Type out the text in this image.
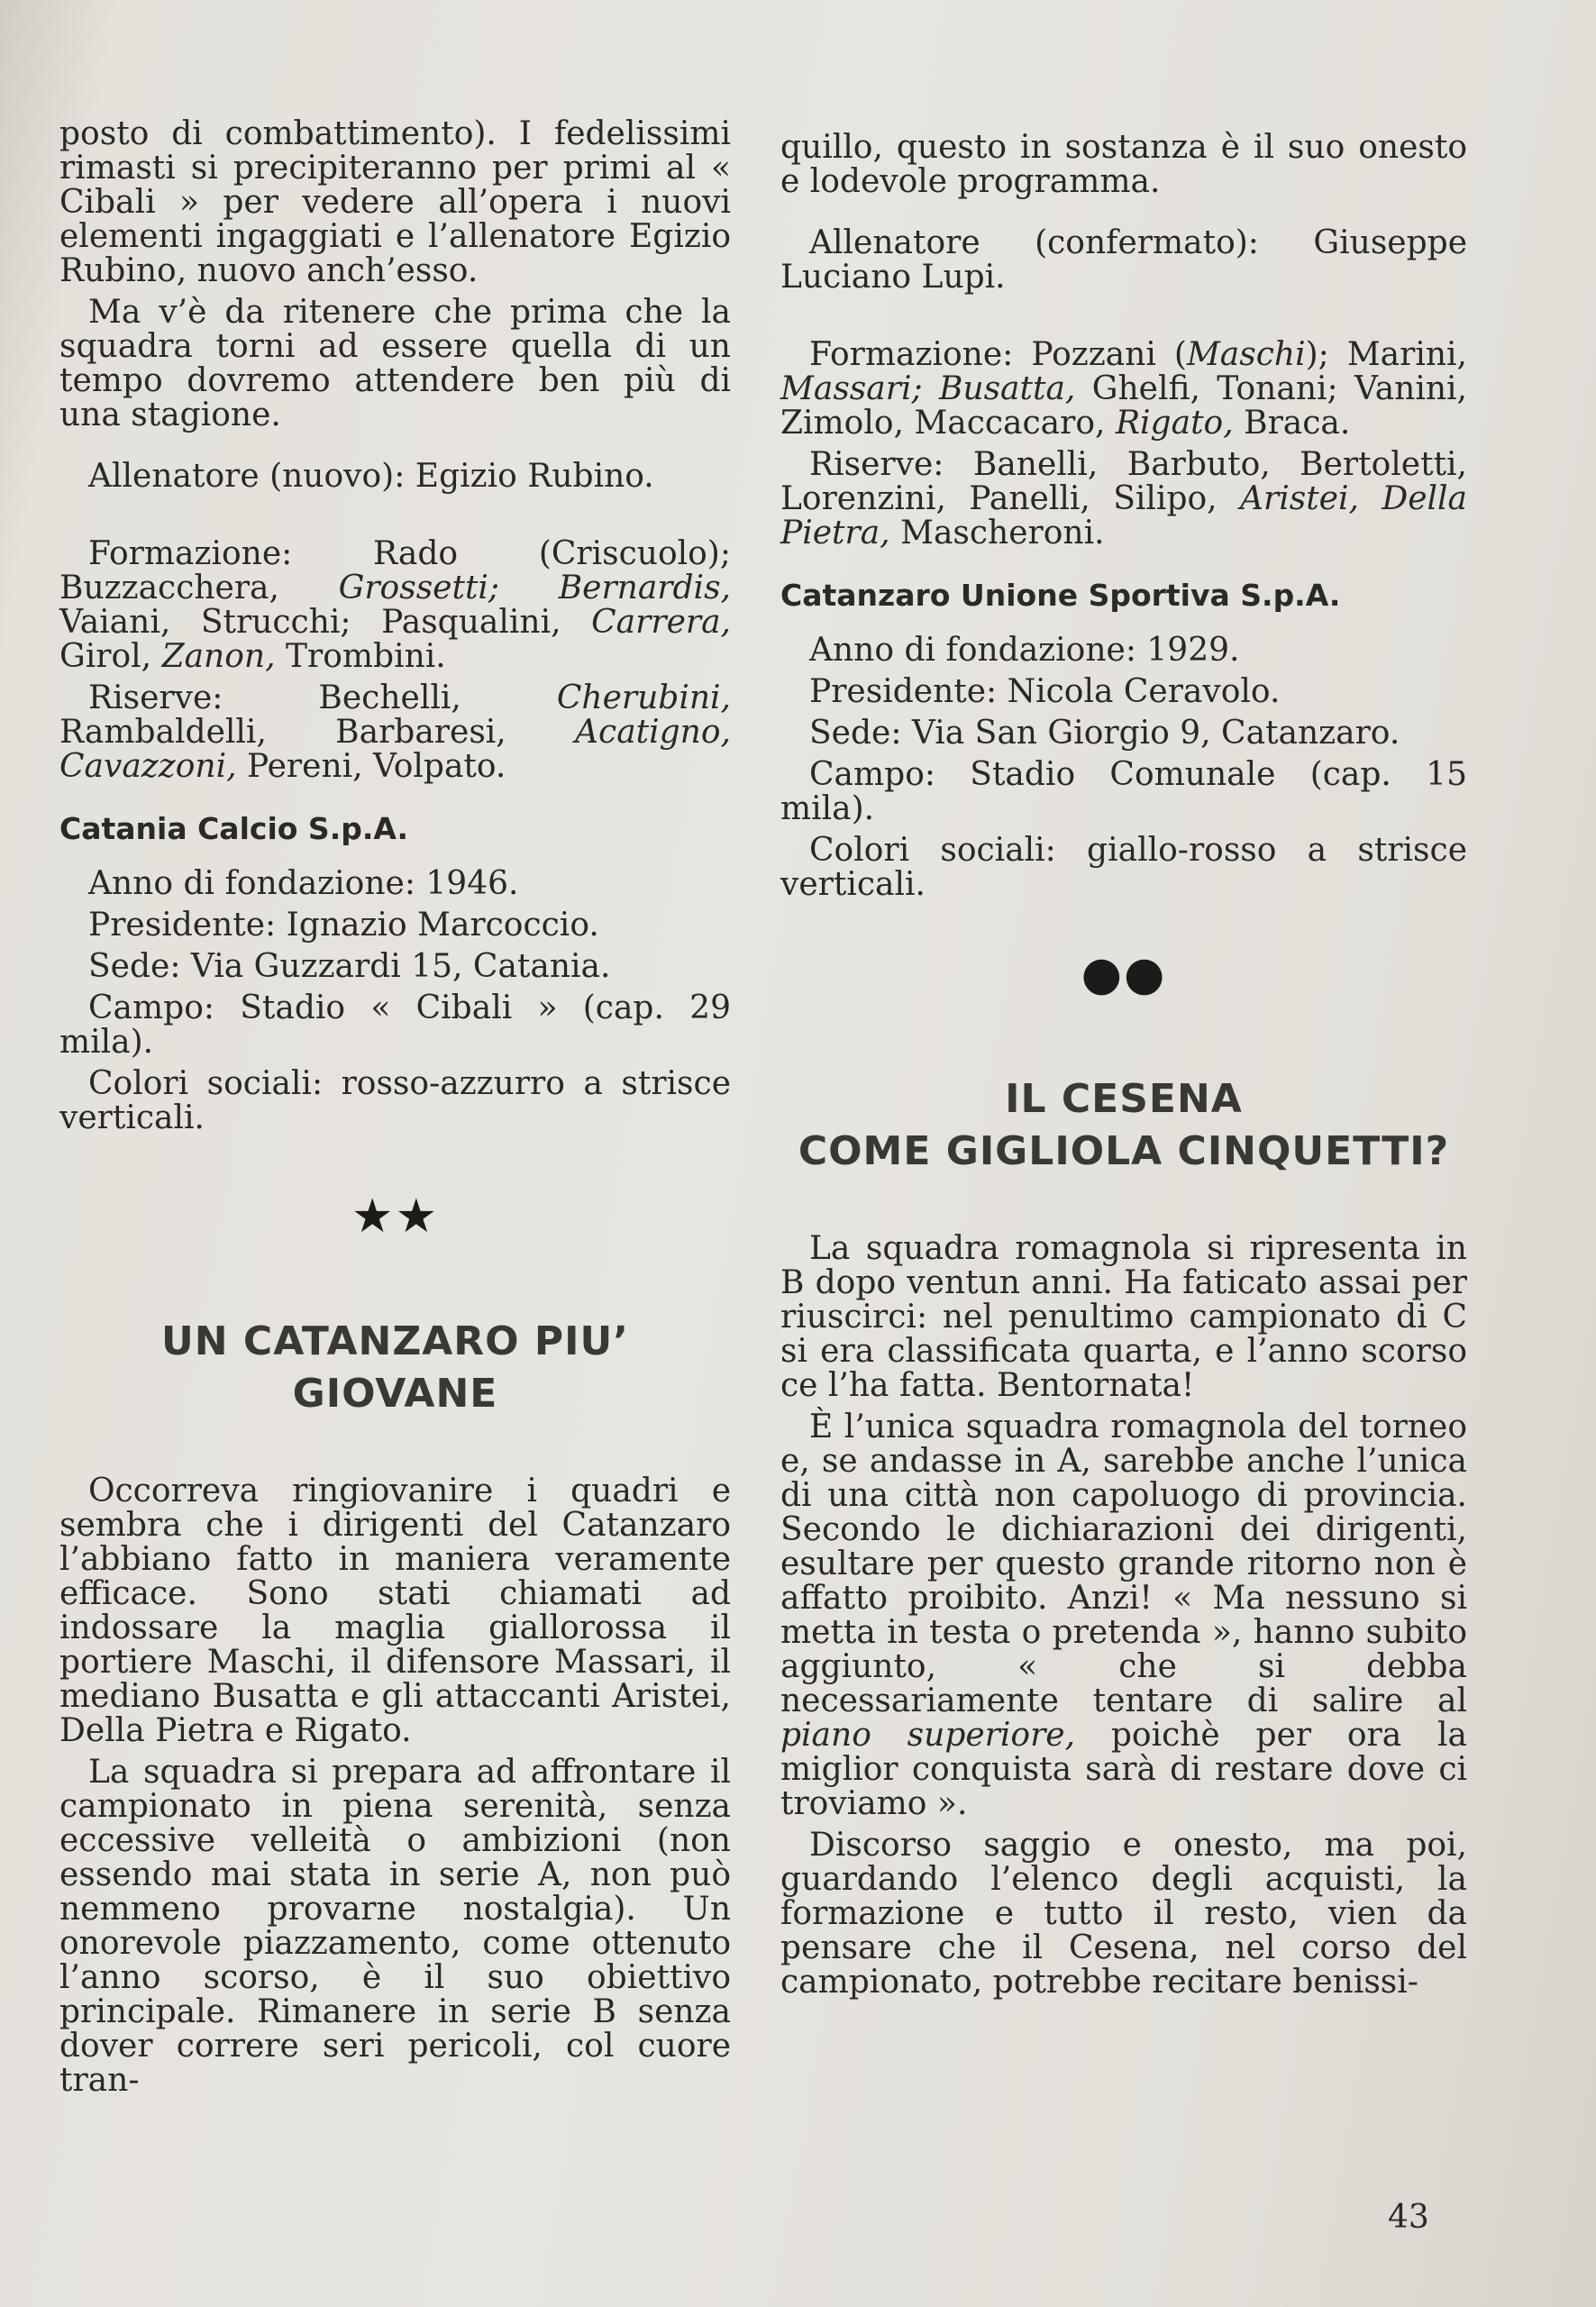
posto di combattimento). I fedelissimi rimasti si precipiteranno per primi al « Cibali » per vedere all’opera i nuovi elementi ingaggiati e l’allenatore Egizio Rubino, nuovo anch’esso.

Ma v’è da ritenere che prima che la squadra torni ad essere quella di un tempo dovremo attendere ben più di una stagione.

Allenatore (nuovo): Egizio Rubino.

Formazione: Rado (Criscuolo); Buzzacchera, Grossetti; Bernardis, Vaiani, Strucchi; Pasqualini, Carrera, Girol, Zanon, Trombini.

Riserve:	Bechelli,	Cherubini, Rambaldelli, Barbaresi, Acatigno, Cavazzoni, Pereni, Volpato.

Catania Calcio S.p.A.

Anno di fondazione: 1946.

Presidente: Ignazio Marcoccio.

Sede: Via Guzzardi 15, Catania.

Campo: Stadio « Cibali » (cap. 29 mila).

Colori sociali: rosso-azzurro a strisce verticali.

★★
UN CATANZARO PIU’
GIOVANE

Occorreva ringiovanire i quadri e sembra che i dirigenti del Catanzaro l’abbiano fatto in maniera veramente efficace. Sono stati chiamati ad indossare la maglia giallorossa il portiere Maschi, il difensore Massari, il mediano Busatta e gli attaccanti Aristei, Della Pietra e Rigato.

La squadra si prepara ad affrontare il campionato in piena serenità, senza eccessive velleità o ambizioni (non essendo mai stata in serie A, non può nemmeno provarne nostalgia). Un onorevole piazzamento, come ottenuto l’anno scorso, è il suo obiettivo principale. Rimanere in serie B senza dover correre seri pericoli, col cuore tran-

quillo, questo in sostanza è il suo onesto e lodevole programma.

Allenatore (confermato): Giuseppe Luciano Lupi.

Formazione: Pozzani (Maschi); Marini, Massari; Busatta, Ghelfi, Tonani; Vanini, Zimolo, Maccacaro, Rigato, Braca.

Riserve: Banelli, Barbuto, Bertoletti, Lorenzini, Panelli, Silipo, Aristei, Della Pietra, Mascheroni.

Catanzaro Unione Sportiva S.p.A.

Anno di fondazione: 1929.

Presidente: Nicola Ceravolo.

Sede: Via San Giorgio 9, Catanzaro.

Campo: Stadio Comunale (cap. 15 mila).

Colori sociali: giallo-rosso a strisce verticali.

●●
IL CESENA
COME GIGLIOLA CINQUETTI?

La squadra romagnola si ripresenta in B dopo ventun anni. Ha faticato assai per riuscirci: nel penultimo campionato di C si era classificata quarta, e l’anno scorso ce l’ha fatta. Bentornata!

È l’unica squadra romagnola del torneo e, se andasse in A, sarebbe anche l’unica di una città non capoluogo di provincia. Secondo le dichiarazioni dei dirigenti, esultare per questo grande ritorno non è affatto proibito. Anzi! « Ma nessuno si metta in testa o pretenda », hanno subito aggiunto, « che si debba necessariamente tentare di salire al piano superiore, poichè per ora la miglior conquista sarà di restare dove ci troviamo ».

Discorso saggio e onesto, ma poi, guardando l’elenco degli acquisti, la formazione e tutto il resto, vien da pensare che il Cesena, nel corso del campionato, potrebbe recitare benissi-

43
